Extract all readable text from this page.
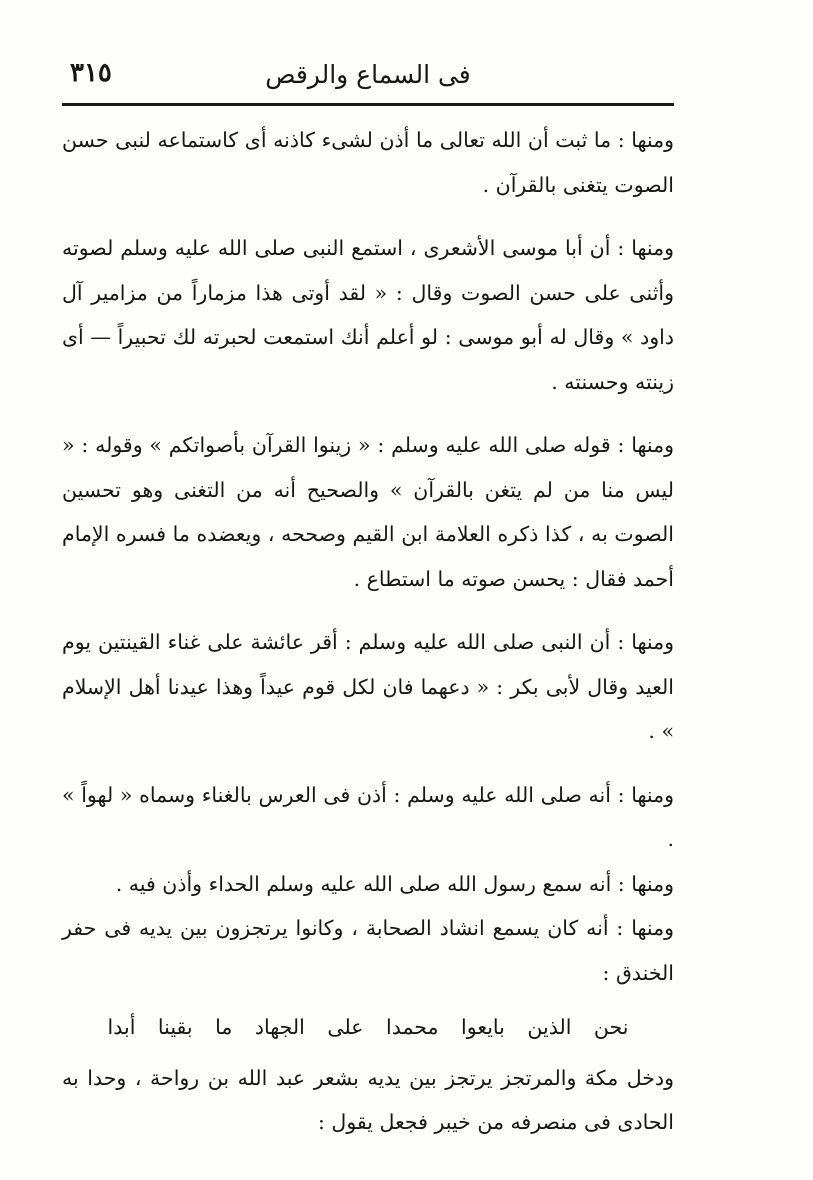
٣١٥	فى السماع والرقص

ومنها : ما ثبت أن الله تعالى ما أذن لشىء كاذنه أى كاستماعه لنبى حسن الصوت يتغنى بالقرآن .

ومنها : أن أبا موسى الأشعرى ، استمع النبى صلى الله عليه وسلم لصوته وأثنى على حسن الصوت وقال : « لقد أوتى هذا مزماراً من مزامير آل داود » وقال له أبو موسى : لو أعلم أنك استمعت لحبرته لك تحبيراً — أى زينته وحسنته .

ومنها : قوله صلى الله عليه وسلم : « زينوا القرآن بأصواتكم » وقوله : « ليس منا من لم يتغن بالقرآن » والصحيح أنه من التغنى وهو تحسين الصوت به ، كذا ذكره العلامة ابن القيم وصححه ، ويعضده ما فسره الإمام أحمد فقال : يحسن صوته ما استطاع .

ومنها : أن النبى صلى الله عليه وسلم : أقر عائشة على غناء القينتين يوم العيد وقال لأبى بكر : « دعهما فان لكل قوم عيداً وهذا عيدنا أهل الإسلام » .

ومنها : أنه صلى الله عليه وسلم : أذن فى العرس بالغناء وسماه « لهواً » .

ومنها : أنه سمع رسول الله صلى الله عليه وسلم الحداء وأذن فيه .

ومنها : أنه كان يسمع انشاد الصحابة ، وكانوا يرتجزون بين يديه فى حفر الخندق :

نحن الذين بايعوا محمدا على الجهاد ما بقينا أبدا

ودخل مكة والمرتجز يرتجز بين يديه بشعر عبد الله بن رواحة ، وحدا به الحادى فى منصرفه من خيبر فجعل يقول :
